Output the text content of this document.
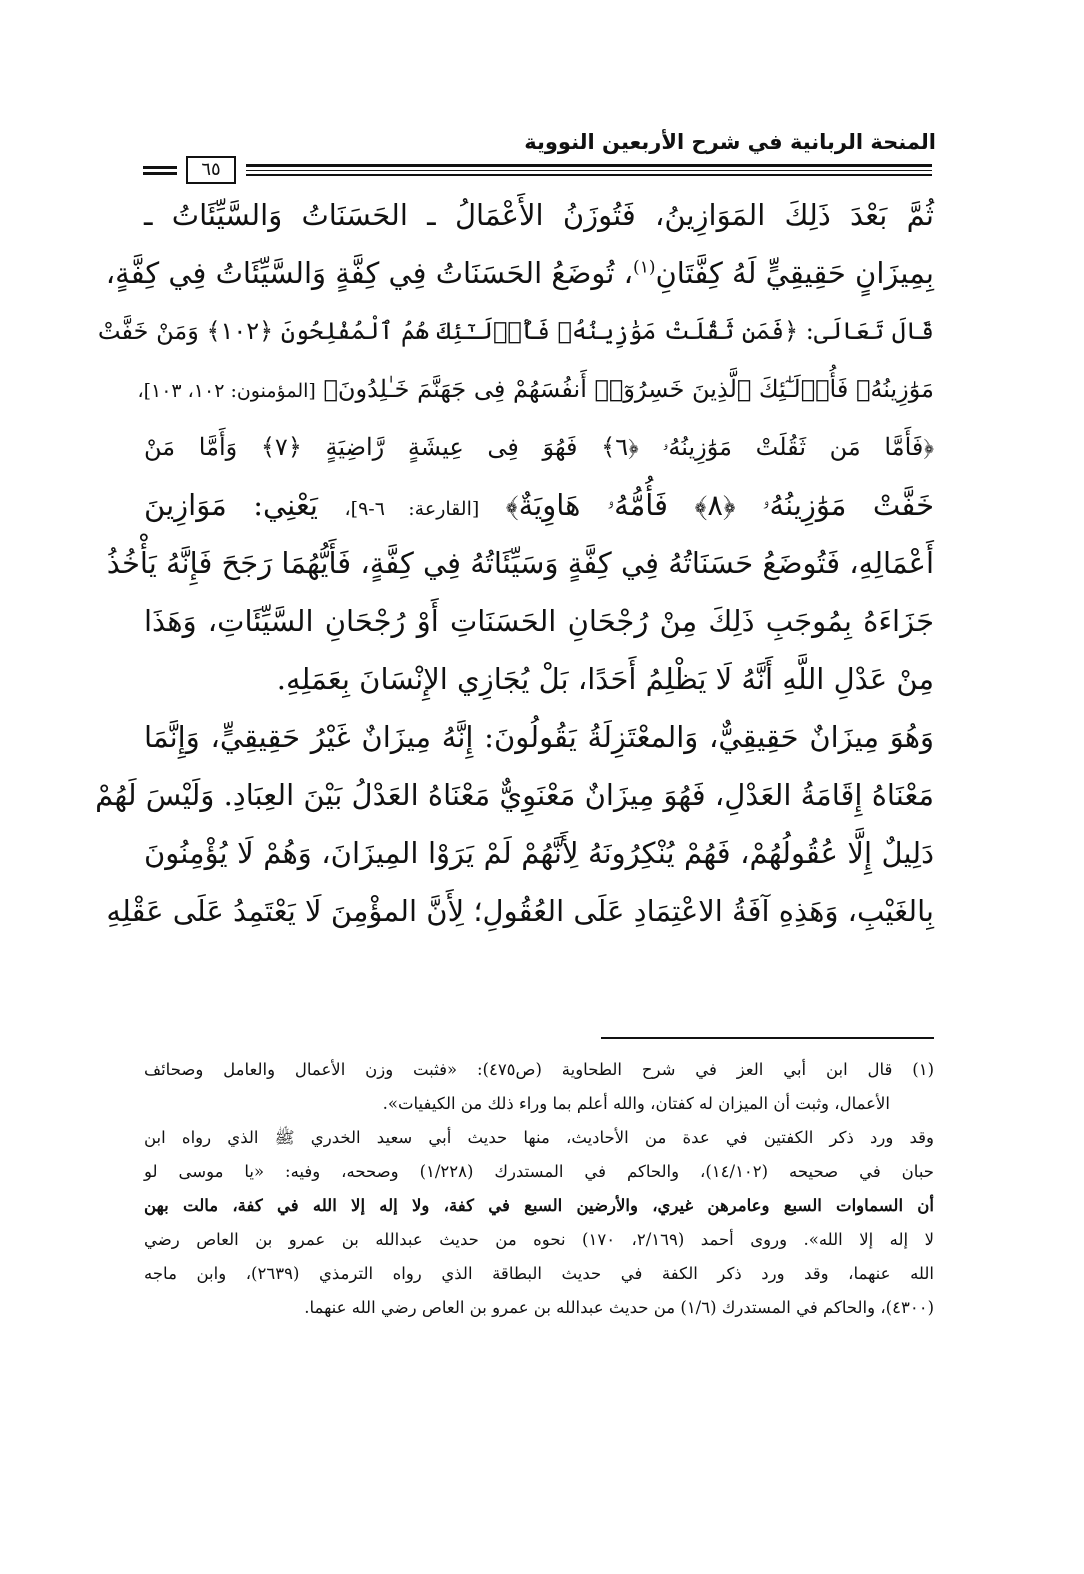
المنحة الربانية في شرح الأربعين النووية
٦٥
ثُمَّ بَعْدَ ذَلِكَ المَوَازِينُ، فَتُوزَنُ الأَعْمَالُ ـ الحَسَنَاتُ وَالسَّيِّئَاتُ ـ
بِمِيزَانٍ حَقِيقِيٍّ لَهُ كِفَّتَانِ$^{(١)}$، تُوضَعُ الحَسَنَاتُ فِي كِفَّةٍ وَالسَّيِّئَاتُ فِي كِفَّةٍ،
قَالَ تَعَالَى: ﴿فَمَن ثَقُلَتْ مَوَٰزِينُهُۥ فَأُو۟لَـٰٓئِكَ هُمُ ٱلْمُفْلِحُونَ ﴿١٠٢﴾ وَمَنْ خَفَّتْ
مَوَٰزِينُهُۥ فَأُو۟لَـٰٓئِكَ ٱلَّذِينَ خَسِرُوٓا۟ أَنفُسَهُمْ فِى جَهَنَّمَ خَـٰلِدُونَ﴾ [المؤمنون: ١٠٢، ١٠٣]،
﴿فَأَمَّا مَن ثَقُلَتْ مَوَٰزِينُهُۥ ﴿٦﴾ فَهُوَ فِى عِيشَةٍ رَّاضِيَةٍ ﴿٧﴾ وَأَمَّا مَنْ
خَفَّتْ مَوَٰزِينُهُۥ ﴿٨﴾ فَأُمُّهُۥ هَاوِيَةٌ﴾ [القارعة: ٦-٩]، يَعْنِي: مَوَازِينَ
أَعْمَالِهِ، فَتُوضَعُ حَسَنَاتُهُ فِي كِفَّةٍ وَسَيِّئَاتُهُ فِي كِفَّةٍ، فَأَيُّهُمَا رَجَحَ فَإِنَّهُ يَأْخُذُ
جَزَاءَهُ بِمُوجَبِ ذَلِكَ مِنْ رُجْحَانِ الحَسَنَاتِ أَوْ رُجْحَانِ السَّيِّئَاتِ، وَهَذَا
مِنْ عَدْلِ اللَّهِ أَنَّهُ لَا يَظْلِمُ أَحَدًا، بَلْ يُجَازِي الإِنْسَانَ بِعَمَلِهِ.
وَهُوَ مِيزَانٌ حَقِيقِيٌّ، وَالمعْتَزِلَةُ يَقُولُونَ: إِنَّهُ مِيزَانٌ غَيْرُ حَقِيقِيٍّ، وَإِنَّمَا
مَعْنَاهُ إِقَامَةُ العَدْلِ، فَهُوَ مِيزَانٌ مَعْنَوِيٌّ مَعْنَاهُ العَدْلُ بَيْنَ العِبَادِ. وَلَيْسَ لَهُمْ
دَلِيلٌ إِلَّا عُقُولُهُمْ، فَهُمْ يُنْكِرُونَهُ لِأَنَّهُمْ لَمْ يَرَوْا المِيزَانَ، وَهُمْ لَا يُؤْمِنُونَ
بِالغَيْبِ، وَهَذِهِ آفَةُ الاعْتِمَادِ عَلَى العُقُولِ؛ لِأَنَّ المؤْمِنَ لَا يَعْتَمِدُ عَلَى عَقْلِهِ
(١) قال ابن أبي العز في شرح الطحاوية (ص٤٧٥): «فثبت وزن الأعمال والعامل وصحائف
الأعمال، وثبت أن الميزان له كفتان، والله أعلم بما وراء ذلك من الكيفيات».
وقد ورد ذكر الكفتين في عدة من الأحاديث، منها حديث أبي سعيد الخدري ﷺ الذي رواه ابن
حبان في صحيحه (١٤/١٠٢)، والحاكم في المستدرك (١/٢٢٨) وصححه، وفيه: «يا موسى لو
أن السماوات السبع وعامرهن غيري، والأرضين السبع في كفة، ولا إله إلا الله في كفة، مالت بهن
لا إله إلا الله». وروى أحمد (٢/١٦٩، ١٧٠) نحوه من حديث عبدالله بن عمرو بن العاص رضي
الله عنهما، وقد ورد ذكر الكفة في حديث البطاقة الذي رواه الترمذي (٢٦٣٩)، وابن ماجه
(٤٣٠٠)، والحاكم في المستدرك (١/٦) من حديث عبدالله بن عمرو بن العاص رضي الله عنهما.
